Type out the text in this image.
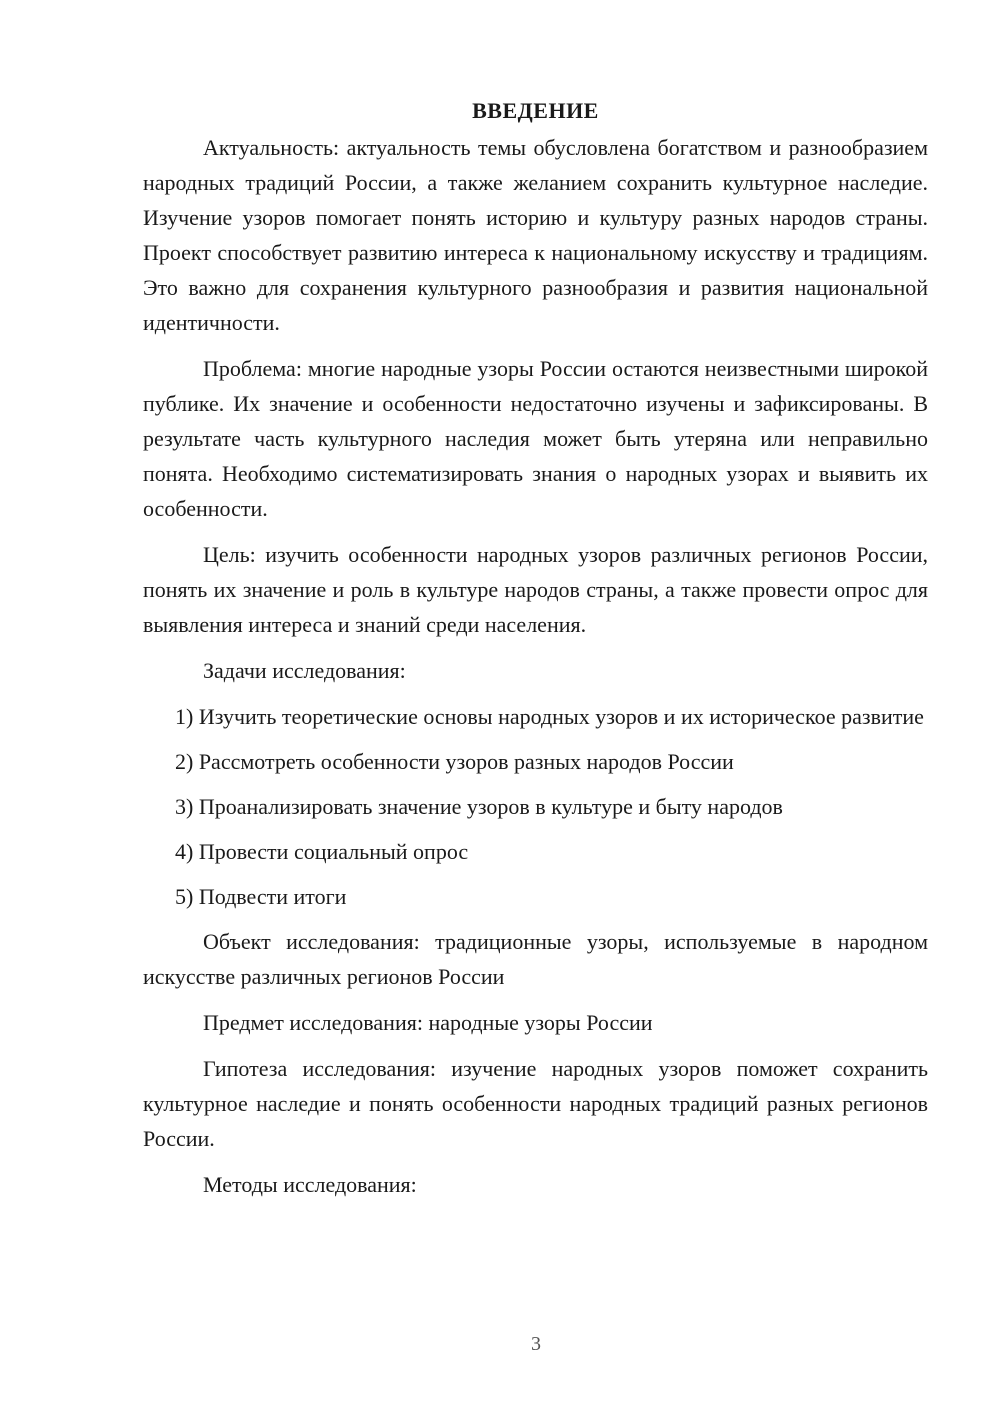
ВВЕДЕНИЕ

Актуальность: актуальность темы обусловлена богатством и разнообразием народных традиций России, а также желанием сохранить культурное наследие. Изучение узоров помогает понять историю и культуру разных народов страны. Проект способствует развитию интереса к национальному искусству и традициям. Это важно для сохранения культурного разнообразия и развития национальной идентичности.

Проблема: многие народные узоры России остаются неизвестными широкой публике. Их значение и особенности недостаточно изучены и зафиксированы. В результате часть культурного наследия может быть утеряна или неправильно понята. Необходимо систематизировать знания о народных узорах и выявить их особенности.

Цель: изучить особенности народных узоров различных регионов России, понять их значение и роль в культуре народов страны, а также провести опрос для выявления интереса и знаний среди населения.

Задачи исследования:

1) Изучить теоретические основы народных узоров и их историческое развитие

2) Рассмотреть особенности узоров разных народов России

3) Проанализировать значение узоров в культуре и быту народов

4) Провести социальный опрос

5) Подвести итоги

Объект исследования: традиционные узоры, используемые в народном искусстве различных регионов России

Предмет исследования: народные узоры России

Гипотеза исследования: изучение народных узоров поможет сохранить культурное наследие и понять особенности народных традиций разных регионов России.

Методы исследования:

3
